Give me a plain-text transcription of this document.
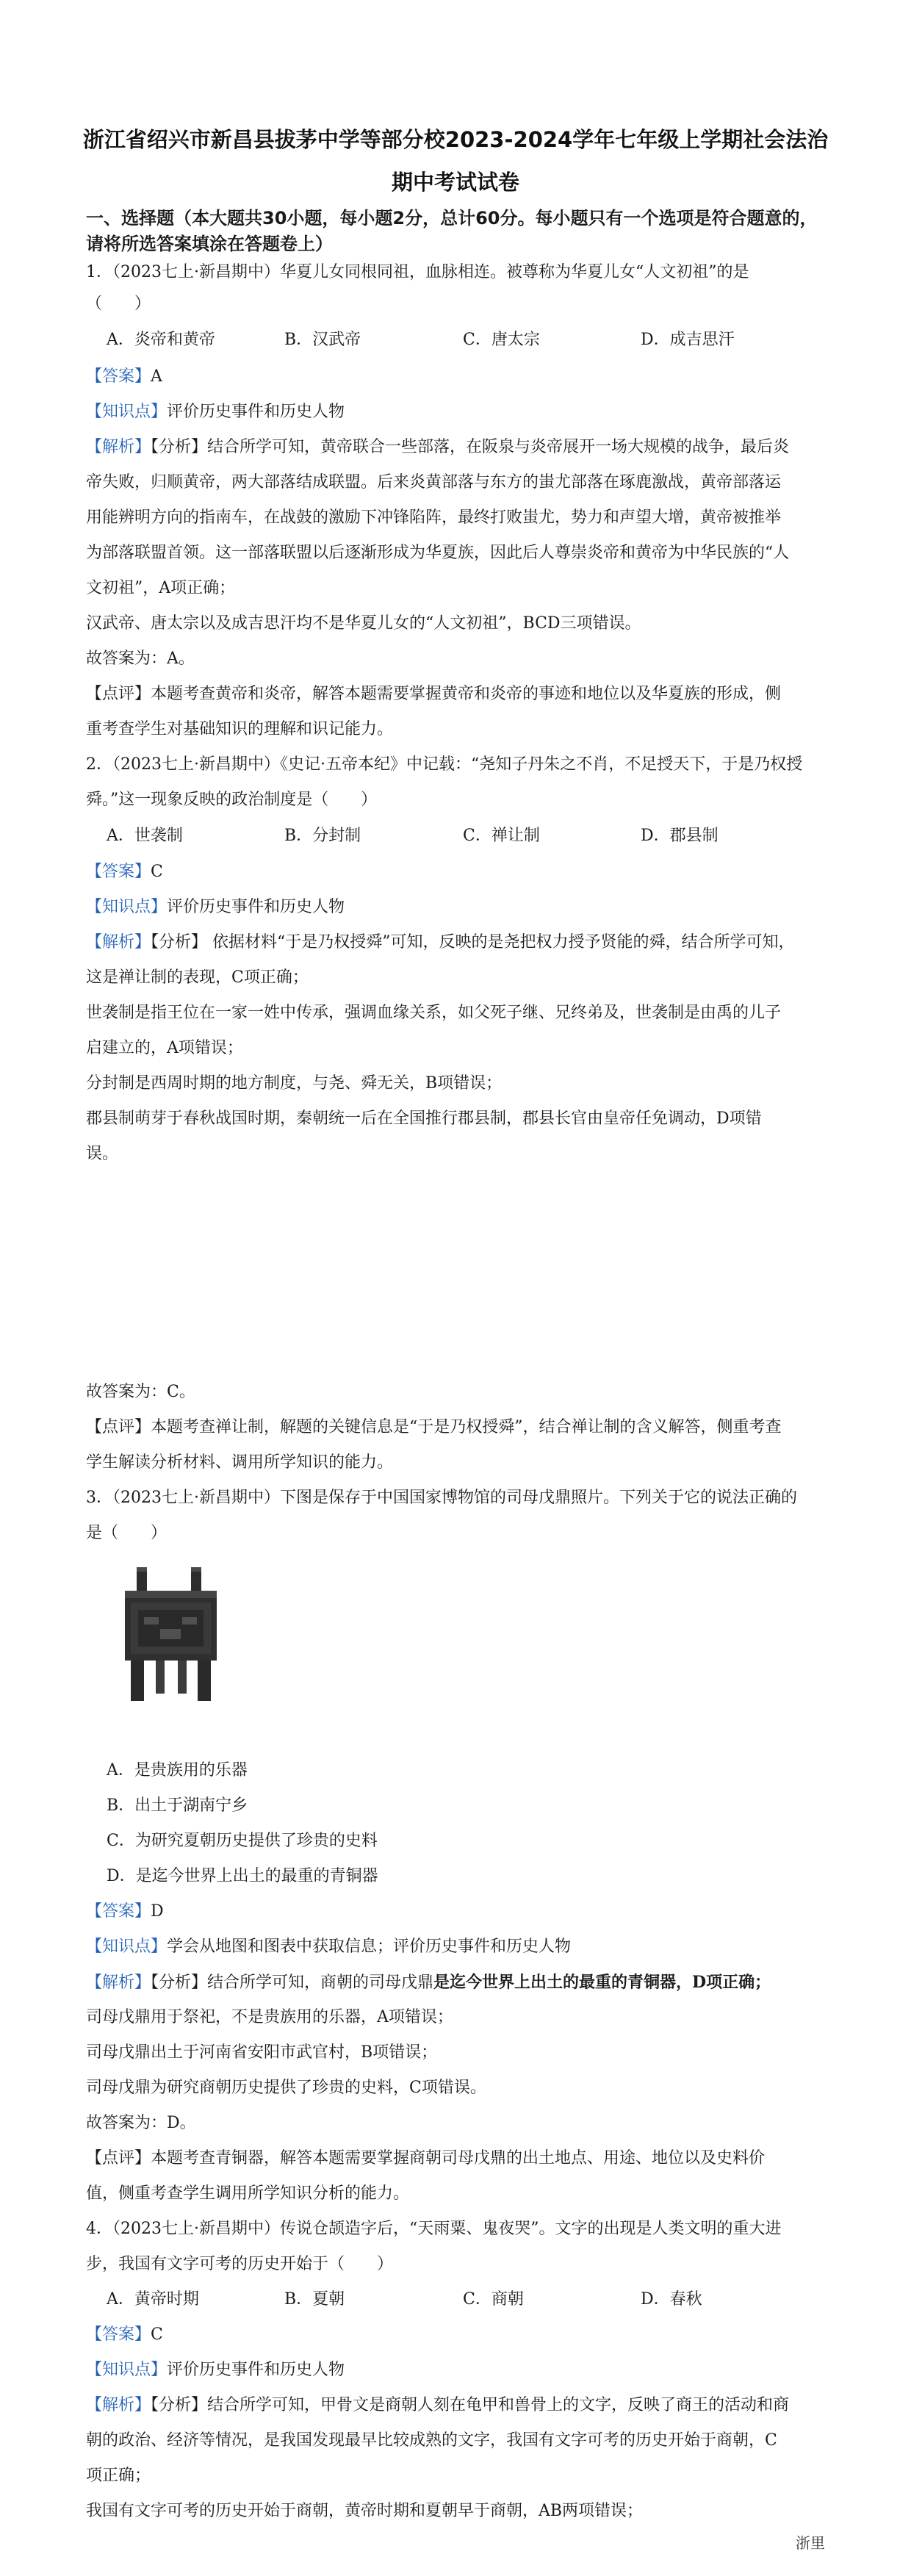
浙江省绍兴市新昌县拔茅中学等部分校2023-2024学年七年级上学期社会法治
期中考试试卷
一、选择题（本大题共30小题，每小题2分，总计60分。每小题只有一个选项是符合题意的，
请将所选答案填涂在答题卷上）
1．（2023七上·新昌期中）华夏儿女同根同祖，血脉相连。被尊称为华夏儿女“人文初祖”的是
（　　）
A．炎帝和黄帝	B．汉武帝	C．唐太宗	D．成吉思汗
【答案】A
【知识点】评价历史事件和历史人物
【解析】【分析】结合所学可知，黄帝联合一些部落，在阪泉与炎帝展开一场大规模的战争，最后炎
帝失败，归顺黄帝，两大部落结成联盟。后来炎黄部落与东方的蚩尤部落在琢鹿激战，黄帝部落运
用能辨明方向的指南车，在战鼓的激励下冲锋陷阵，最终打败蚩尤，势力和声望大增，黄帝被推举
为部落联盟首领。这一部落联盟以后逐渐形成为华夏族，因此后人尊崇炎帝和黄帝为中华民族的“人
文初祖”，A项正确；
汉武帝、唐太宗以及成吉思汗均不是华夏儿女的“人文初祖”，BCD三项错误。
故答案为：A。
【点评】本题考查黄帝和炎帝，解答本题需要掌握黄帝和炎帝的事迹和地位以及华夏族的形成，侧
重考查学生对基础知识的理解和识记能力。
2．（2023七上·新昌期中）《史记·五帝本纪》中记载：“尧知子丹朱之不肖，不足授天下，于是乃权授
舜。”这一现象反映的政治制度是（　　）
A．世袭制	B．分封制	C．禅让制	D．郡县制
【答案】C
【知识点】评价历史事件和历史人物
【解析】【分析】 依据材料“于是乃权授舜”可知，反映的是尧把权力授予贤能的舜，结合所学可知，
这是禅让制的表现，C项正确；
世袭制是指王位在一家一姓中传承，强调血缘关系，如父死子继、兄终弟及，世袭制是由禹的儿子
启建立的，A项错误；
分封制是西周时期的地方制度，与尧、舜无关，B项错误；
郡县制萌芽于春秋战国时期，秦朝统一后在全国推行郡县制，郡县长官由皇帝任免调动，D项错
误。
故答案为：C。
【点评】本题考查禅让制，解题的关键信息是“于是乃权授舜”，结合禅让制的含义解答，侧重考查
学生解读分析材料、调用所学知识的能力。
3．（2023七上·新昌期中）下图是保存于中国国家博物馆的司母戊鼎照片。下列关于它的说法正确的
是（　　）
A．是贵族用的乐器
B．出土于湖南宁乡
C．为研究夏朝历史提供了珍贵的史料
D．是迄今世界上出土的最重的青铜器
【答案】D
【知识点】学会从地图和图表中获取信息；评价历史事件和历史人物
【解析】【分析】结合所学可知，商朝的司母戊鼎是迄今世界上出土的最重的青铜器，D项正确；
司母戊鼎用于祭祀，不是贵族用的乐器，A项错误；
司母戊鼎出土于河南省安阳市武官村，B项错误；
司母戊鼎为研究商朝历史提供了珍贵的史料，C项错误。
故答案为：D。
【点评】本题考查青铜器，解答本题需要掌握商朝司母戊鼎的出土地点、用途、地位以及史料价
值，侧重考查学生调用所学知识分析的能力。
4．（2023七上·新昌期中）传说仓颉造字后，“天雨粟、鬼夜哭”。文字的出现是人类文明的重大进
步，我国有文字可考的历史开始于（　　）
A．黄帝时期	B．夏朝	C．商朝	D．春秋
【答案】C
【知识点】评价历史事件和历史人物
【解析】【分析】结合所学可知，甲骨文是商朝人刻在龟甲和兽骨上的文字，反映了商王的活动和商
朝的政治、经济等情况，是我国发现最早比较成熟的文字，我国有文字可考的历史开始于商朝，C
项正确；
我国有文字可考的历史开始于商朝，黄帝时期和夏朝早于商朝，AB两项错误；
浙里
